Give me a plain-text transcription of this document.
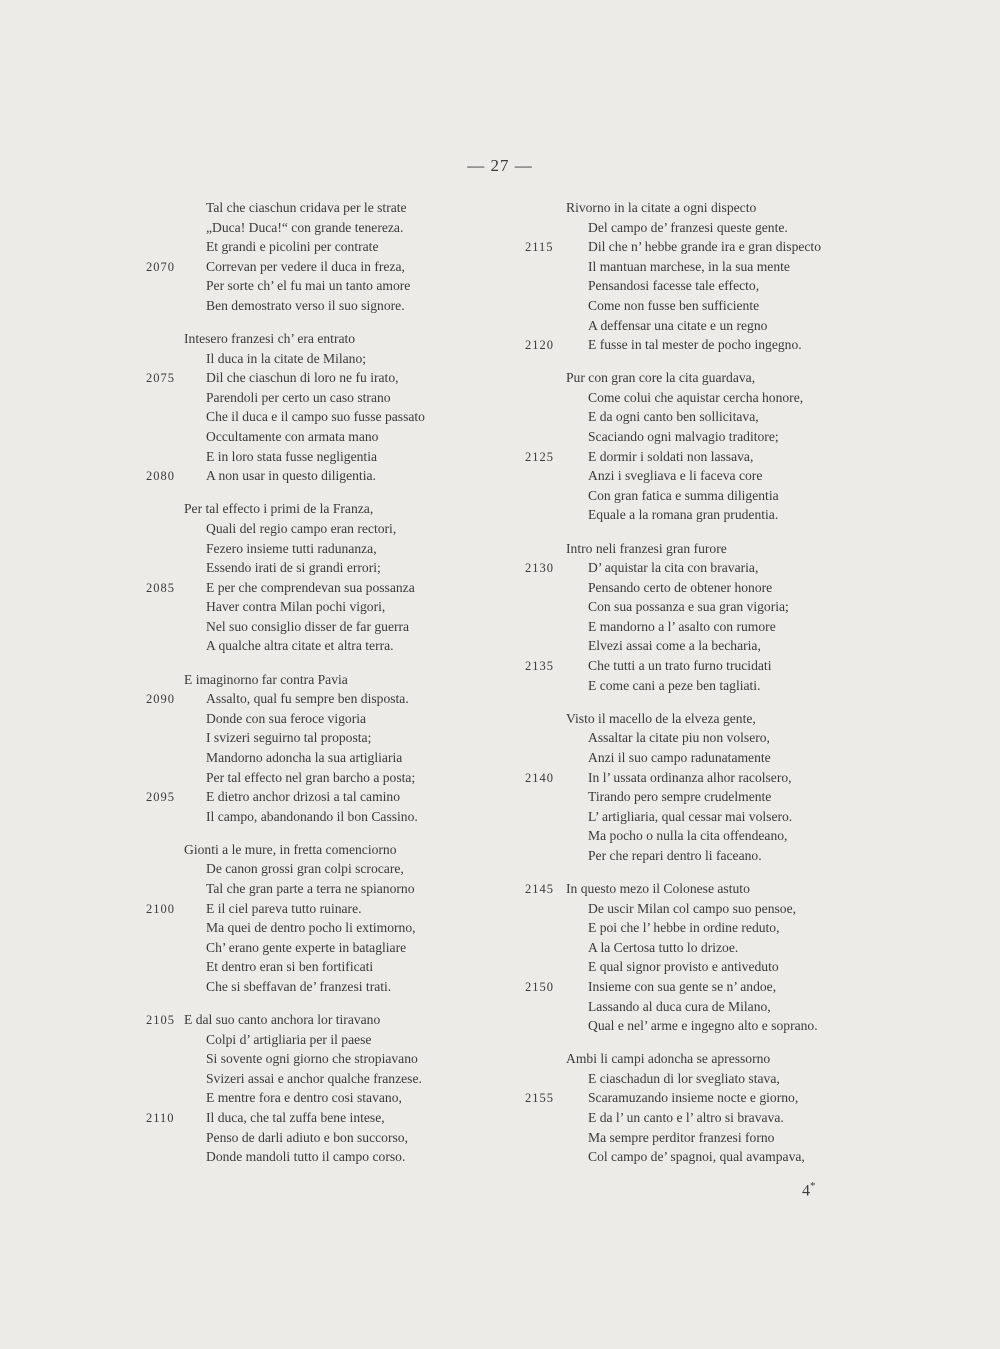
— 27 —
Tal che ciaschun cridava per le strate
„Duca! Duca!“ con grande tenereza.
Et grandi e picolini per contrate
2070	Correvan per vedere il duca in freza,
Per sorte ch’ el fu mai un tanto amore
Ben demostrato verso il suo signore.
Intesero franzesi ch’ era entrato
Il duca in la citate de Milano;
2075	Dil che ciaschun di loro ne fu irato,
Parendoli per certo un caso strano
Che il duca e il campo suo fusse passato
Occultamente con armata mano
E in loro stata fusse negligentia
2080	A non usar in questo diligentia.
Per tal effecto i primi de la Franza,
Quali del regio campo eran rectori,
Fezero insieme tutti radunanza,
Essendo irati de si grandi errori;
2085	E per che comprendevan sua possanza
Haver contra Milan pochi vigori,
Nel suo consiglio disser de far guerra
A qualche altra citate et altra terra.
E imaginorno far contra Pavia
2090	Assalto, qual fu sempre ben disposta.
Donde con sua feroce vigoria
I svizeri seguirno tal proposta;
Mandorno adoncha la sua artigliaria
Per tal effecto nel gran barcho a posta;
2095	E dietro anchor drizosi a tal camino
Il campo, abandonando il bon Cassino.
Gionti a le mure, in fretta comenciorno
De canon grossi gran colpi scrocare,
Tal che gran parte a terra ne spianorno
2100	E il ciel pareva tutto ruinare.
Ma quei de dentro pocho li extimorno,
Ch’ erano gente experte in batagliare
Et dentro eran si ben fortificati
Che si sbeffavan de’ franzesi trati.
2105 E dal suo canto anchora lor tiravano
Colpi d’ artigliaria per il paese
Si sovente ogni giorno che stropiavano
Svizeri assai e anchor qualche franzese.
E mentre fora e dentro cosi stavano,
2110	Il duca, che tal zuffa bene intese,
Penso de darli adiuto e bon succorso,
Donde mandoli tutto il campo corso.
Rivorno in la citate a ogni dispecto
Del campo de’ franzesi queste gente.
2115	Dil che n’ hebbe grande ira e gran dispecto
Il mantuan marchese, in la sua mente
Pensandosi facesse tale effecto,
Come non fusse ben sufficiente
A deffensar una citate e un regno
2120	E fusse in tal mester de pocho ingegno.
Pur con gran core la cita guardava,
Come colui che aquistar cercha honore,
E da ogni canto ben sollicitava,
Scaciando ogni malvagio traditore;
2125	E dormir i soldati non lassava,
Anzi i svegliava e li faceva core
Con gran fatica e summa diligentia
Equale a la romana gran prudentia.
Intro neli franzesi gran furore
2130	D’ aquistar la cita con bravaria,
Pensando certo de obtener honore
Con sua possanza e sua gran vigoria;
E mandorno a l’ asalto con rumore
Elvezi assai come a la becharia,
2135	Che tutti a un trato furno trucidati
E come cani a peze ben tagliati.
Visto il macello de la elveza gente,
Assaltar la citate piu non volsero,
Anzi il suo campo radunatamente
2140	In l’ ussata ordinanza alhor racolsero,
Tirando pero sempre crudelmente
L’ artigliaria, qual cessar mai volsero.
Ma pocho o nulla la cita offendeano,
Per che repari dentro li faceano.
2145 In questo mezo il Colonese astuto
De uscir Milan col campo suo pensoe,
E poi che l’ hebbe in ordine reduto,
A la Certosa tutto lo drizoe.
E qual signor provisto e antiveduto
2150	Insieme con sua gente se n’ andoe,
Lassando al duca cura de Milano,
Qual e nel’ arme e ingegno alto e soprano.
Ambi li campi adoncha se apressorno
E ciaschadun di lor svegliato stava,
2155	Scaramuzando insieme nocte e giorno,
E da l’ un canto e l’ altro si bravava.
Ma sempre perditor franzesi forno
Col campo de’ spagnoi, qual avampava,
4*
